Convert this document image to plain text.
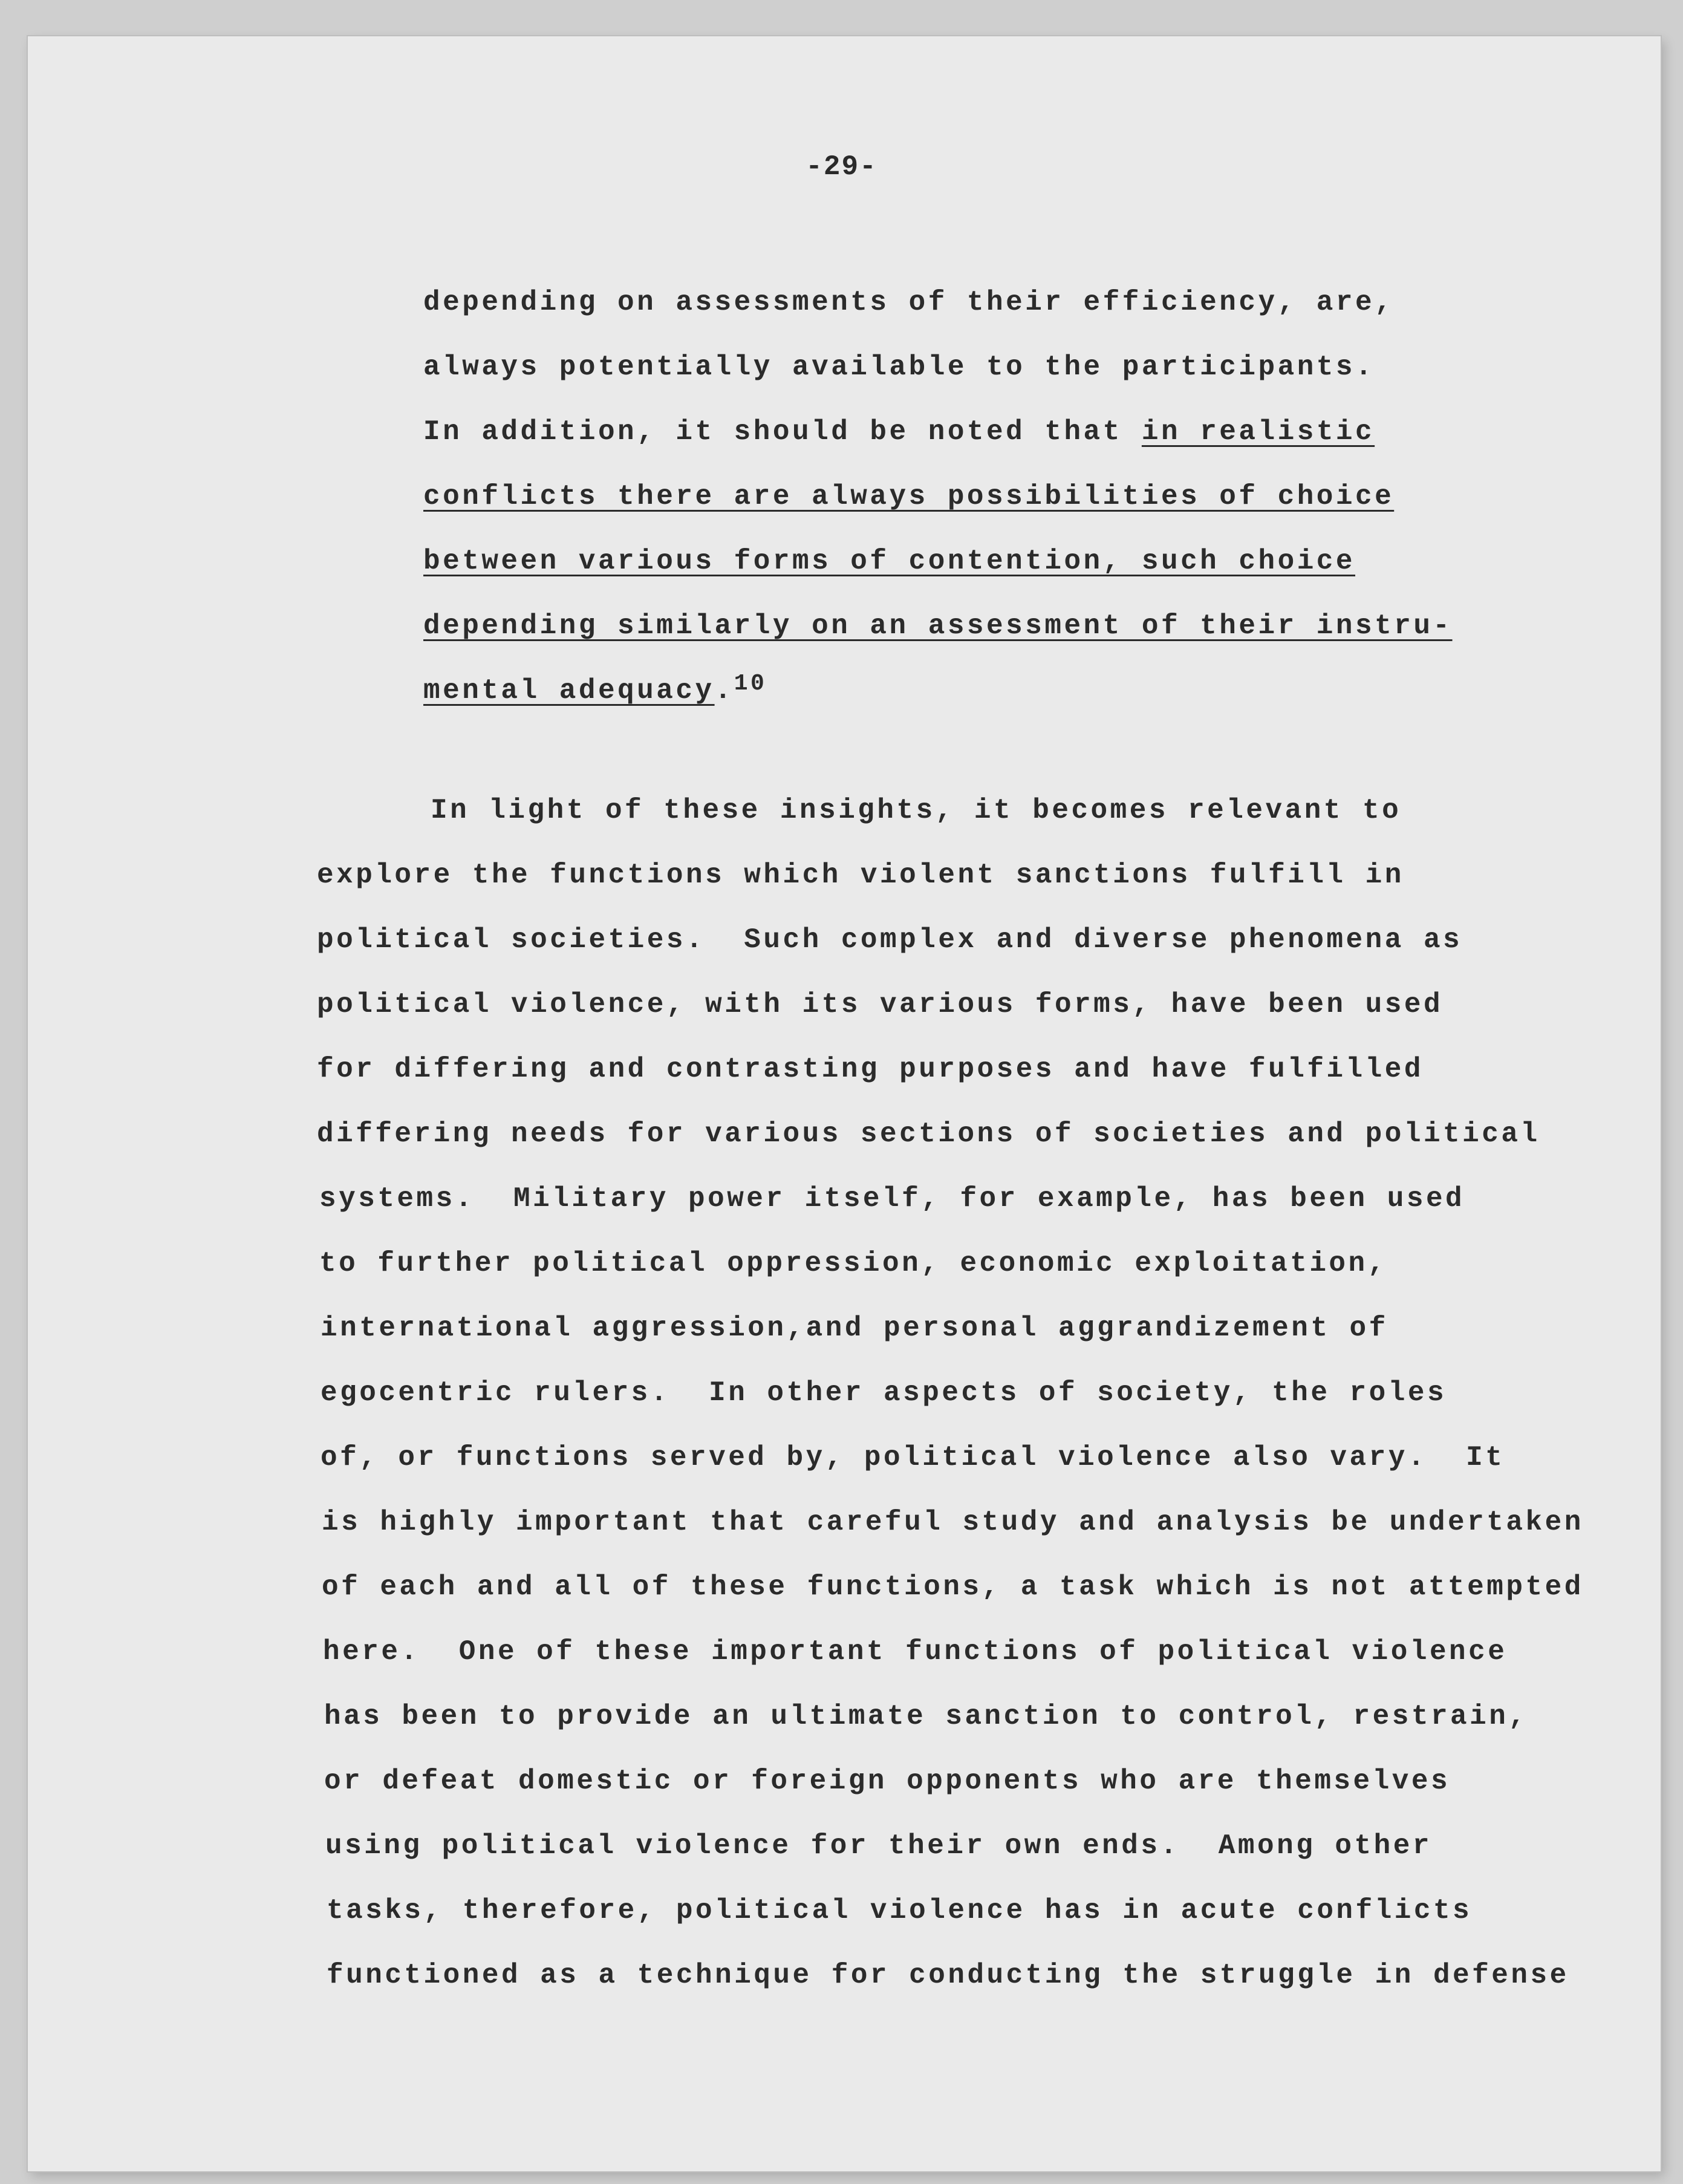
-29-
depending on assessments of their efficiency, are,
always potentially available to the participants.
In addition, it should be noted that in realistic
conflicts there are always possibilities of choice
between various forms of contention, such choice
depending similarly on an assessment of their instru-
mental adequacy.$^{10}$
In light of these insights, it becomes relevant to
explore the functions which violent sanctions fulfill in
political societies.  Such complex and diverse phenomena as
political violence, with its various forms, have been used
for differing and contrasting purposes and have fulfilled
differing needs for various sections of societies and political
systems.  Military power itself, for example, has been used
to further political oppression, economic exploitation,
international aggression,and personal aggrandizement of
egocentric rulers.  In other aspects of society, the roles
of, or functions served by, political violence also vary.  It
is highly important that careful study and analysis be undertaken
of each and all of these functions, a task which is not attempted
here.  One of these important functions of political violence
has been to provide an ultimate sanction to control, restrain,
or defeat domestic or foreign opponents who are themselves
using political violence for their own ends.  Among other
tasks, therefore, political violence has in acute conflicts
functioned as a technique for conducting the struggle in defense
